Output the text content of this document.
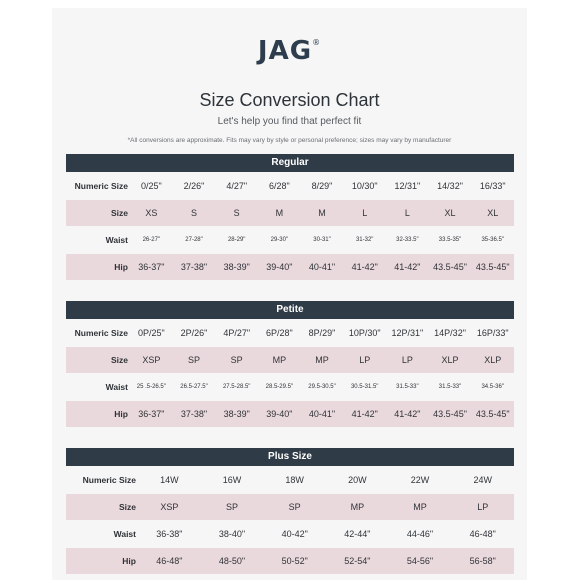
JAG®
Size Conversion Chart
Let's help you find that perfect fit
*All conversions are approximate. Fits may vary by style or personal preference; sizes may vary by manufacturer
Regular
Numeric Size	0/25"	2/26"	4/27"	6/28"	8/29"	10/30"	12/31"	14/32"	16/33"
Size	XS	S	S	M	M	L	L	XL	XL
Waist	26-27"	27-28"	28-29"	29-30"	30-31"	31-32"	32-33.5"	33.5-35"	35-36.5"
Hip	36-37"	37-38"	38-39"	39-40"	40-41"	41-42"	41-42"	43.5-45" 43.5-45"
Petite
Numeric Size	0P/25"	2P/26"	4P/27"	6P/28"	8P/29"	10P/30"	12P/31"	14P/32"	16P/33"
Size	XSP	SP	SP	MP	MP	LP	LP	XLP	XLP
Waist	25 .5-26.5"	26.5-27.5"	27.5-28.5"	28.5-29.5"	29.5-30.5"	30.5-31.5"	31.5-33"	31.5-33"	34.5-36"
Hip	36-37"	37-38"	38-39"	39-40"	40-41"	41-42"	41-42"	43.5-45" 43.5-45"
Plus Size
Numeric Size	14W	16W	18W	20W	22W	24W
Size	XSP	SP	SP	MP	MP	LP
Waist	36-38"	38-40"	40-42"	42-44"	44-46"	46-48"
Hip	46-48"	48-50"	50-52"	52-54"	54-56"	56-58"
